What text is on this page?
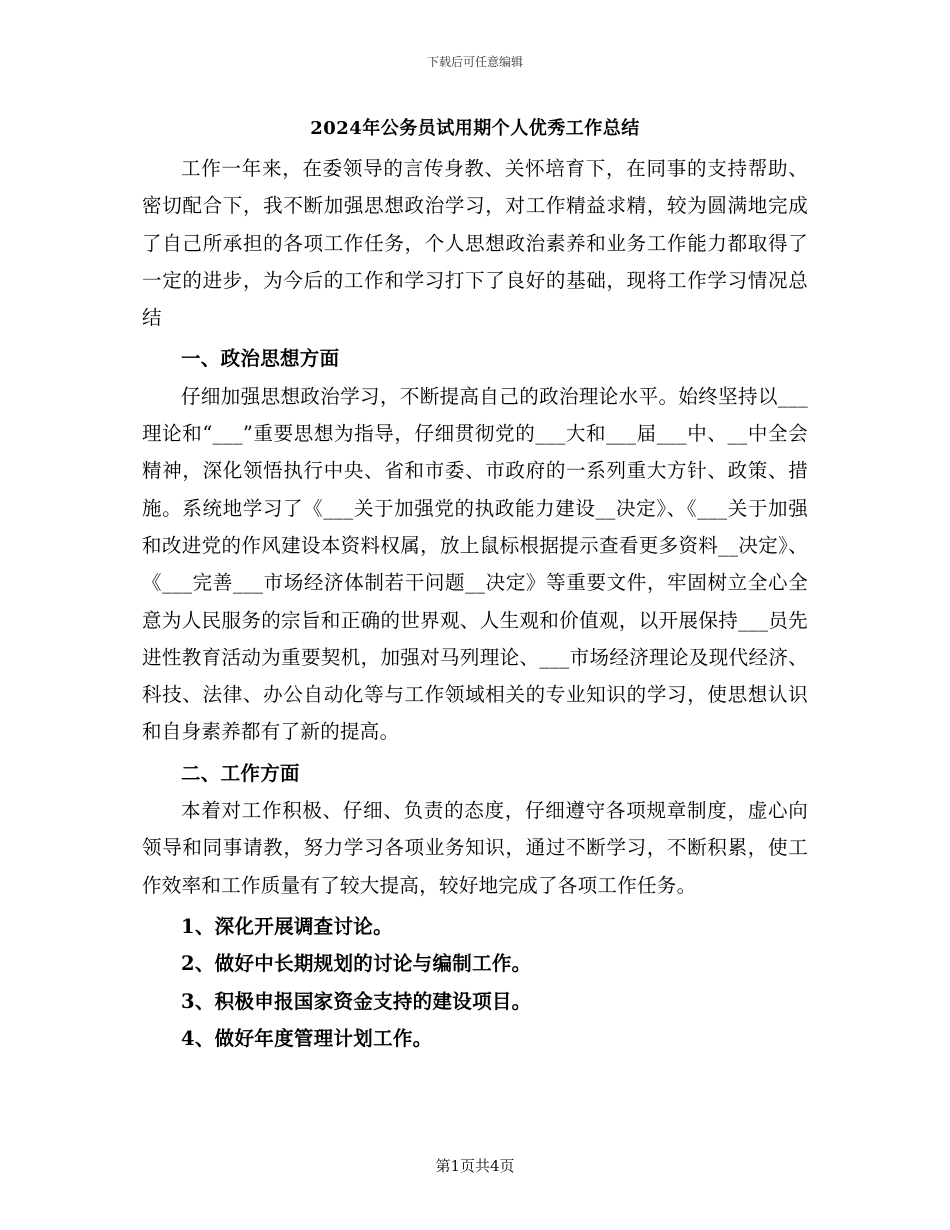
下载后可任意编辑
2024年公务员试用期个人优秀工作总结

工作一年来，在委领导的言传身教、关怀培育下，在同事的支持帮助、密切配合下，我不断加强思想政治学习，对工作精益求精，较为圆满地完成了自己所承担的各项工作任务，个人思想政治素养和业务工作能力都取得了一定的进步，为今后的工作和学习打下了良好的基础，现将工作学习情况总结

一、政治思想方面

仔细加强思想政治学习，不断提高自己的政治理论水平。始终坚持以___理论和“___”重要思想为指导，仔细贯彻党的___大和___届___中、__中全会精神，深化领悟执行中央、省和市委、市政府的一系列重大方针、政策、措施。系统地学习了《___关于加强党的执政能力建设__决定》、《___关于加强和改进党的作风建设本资料权属，放上鼠标根据提示查看更多资料__决定》、《___完善___市场经济体制若干问题__决定》等重要文件，牢固树立全心全意为人民服务的宗旨和正确的世界观、人生观和价值观，以开展保持___员先进性教育活动为重要契机，加强对马列理论、___市场经济理论及现代经济、科技、法律、办公自动化等与工作领域相关的专业知识的学习，使思想认识和自身素养都有了新的提高。

二、工作方面

本着对工作积极、仔细、负责的态度，仔细遵守各项规章制度，虚心向领导和同事请教，努力学习各项业务知识，通过不断学习，不断积累，使工作效率和工作质量有了较大提高，较好地完成了各项工作任务。

1、深化开展调查讨论。
2、做好中长期规划的讨论与编制工作。
3、积极申报国家资金支持的建设项目。
4、做好年度管理计划工作。
第1页共4页
